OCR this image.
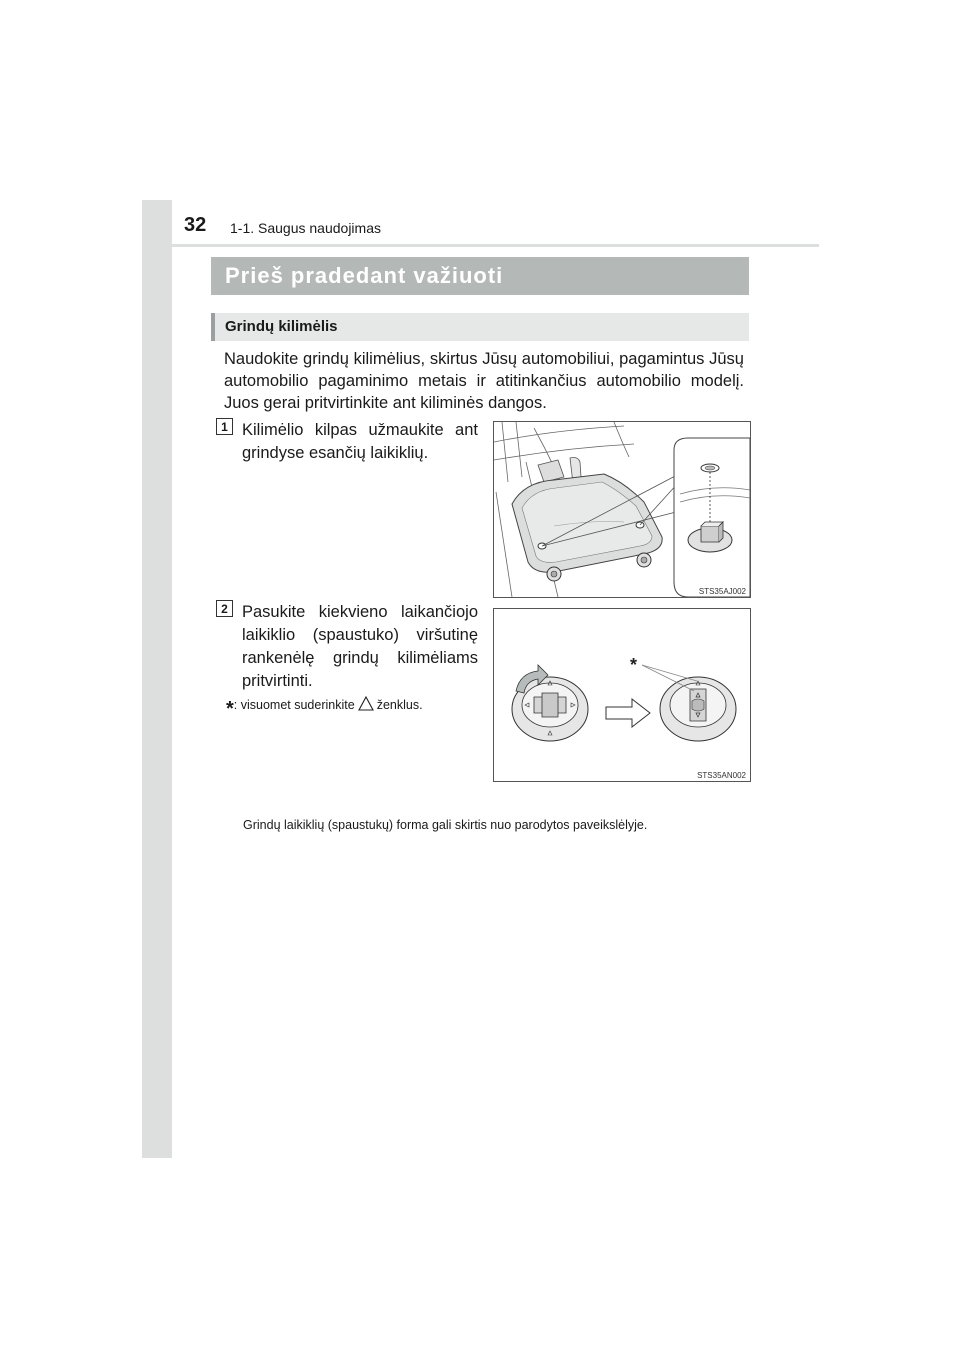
32 1-1. Saugus naudojimas
Prieš pradedant važiuoti
Grindų kilimėlis

Naudokite grindų kilimėlius, skirtus Jūsų automobiliui, pagamintus Jūsų automobilio pagaminimo metais ir atitinkančius automobilio modelį. Juos gerai pritvirtinkite ant kiliminės dangos.

1 Kilimėlio kilpas užmaukite ant grindyse esančių laikiklių.

STS35AJ002
2 Pasukite kiekvieno laikančiojo laikiklio (spaustuko) viršutinę rankenėlę grindų kilimėliams pritvirtinti.

*: visuomet suderinkite ženklus.
*
STS35AN002
Grindų laikiklių (spaustukų) forma gali skirtis nuo parodytos paveikslėlyje.
